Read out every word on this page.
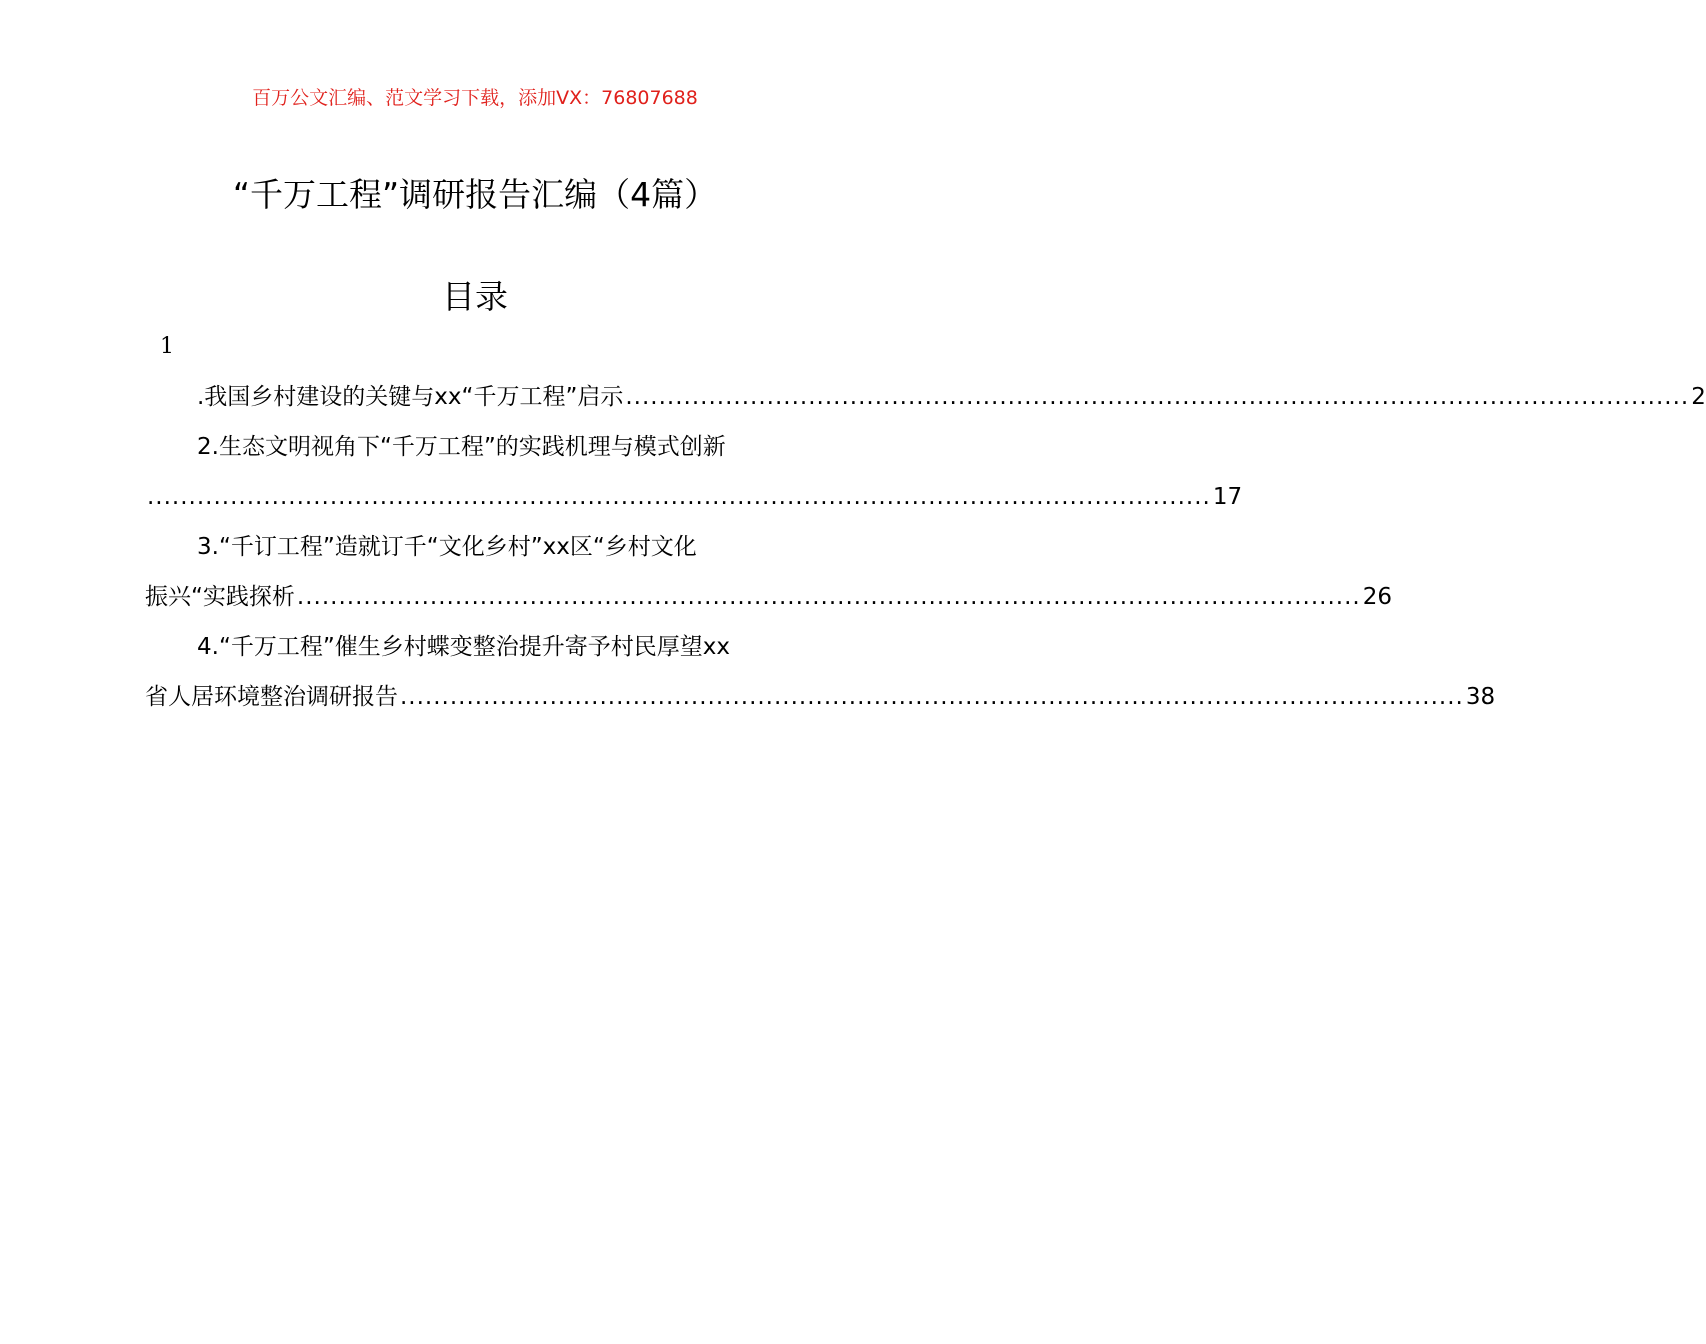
百万公文汇编、范文学习下载，添加VX：76807688
“千万工程”调研报告汇编（4篇）
目录
1
.我国乡村建设的关键与xx“千万工程”启示 ................................................................................................................................ 2
2.生态文明视角下“千万工程”的实践机理与模式创新
................................................................................................................................ 17
3.“千订工程”造就订千“文化乡村”xx区“乡村文化
振兴“实践探析 ................................................................................................................................ 26
4.“千万工程”催生乡村蝶变整治提升寄予村民厚望xx
省人居环境整治调研报告 ................................................................................................................................ 38
